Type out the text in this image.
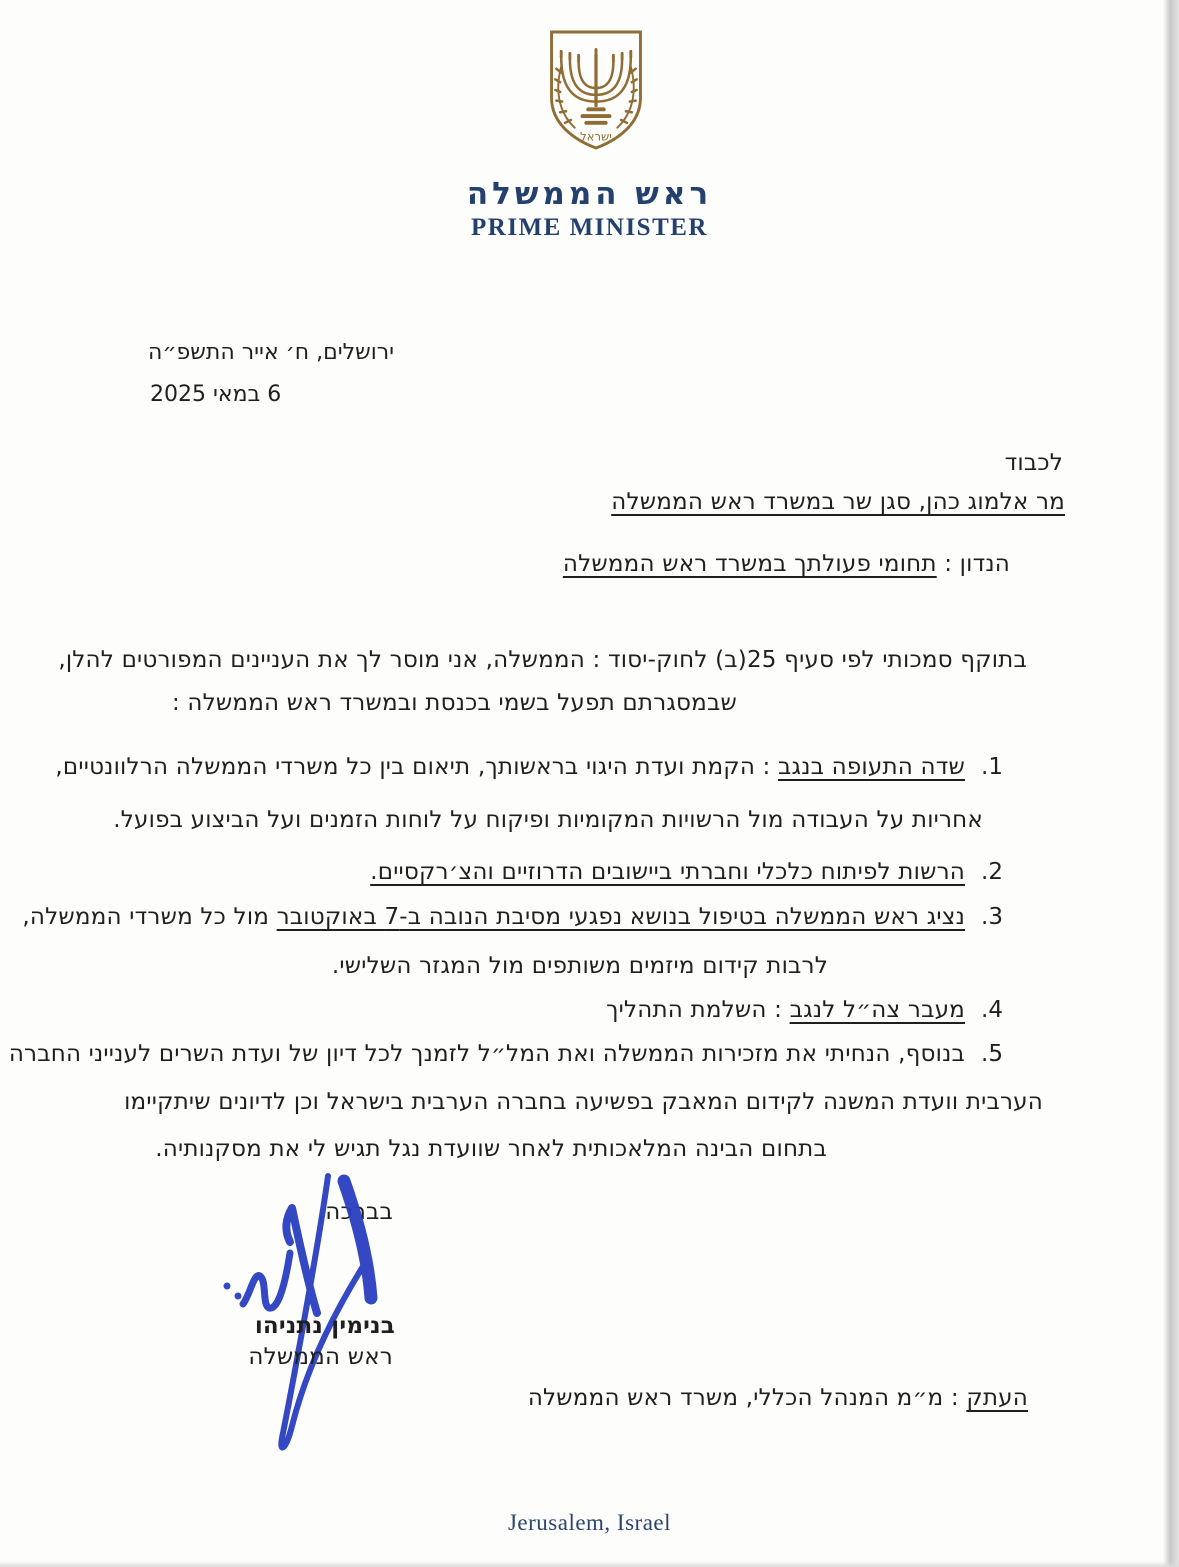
ישראל
ראש הממשלה
PRIME MINISTER
ירושלים, ח׳ אייר התשפ״ה
6 במאי 2025
לכבוד
מר אלמוג כהן, סגן שר במשרד ראש הממשלה
הנדון : תחומי פעולתך במשרד ראש הממשלה
בתוקף סמכותי לפי סעיף 25(ב) לחוק-יסוד : הממשלה, אני מוסר לך את העניינים המפורטים להלן,
שבמסגרתם תפעל בשמי בכנסת ובמשרד ראש הממשלה :
1.
שדה התעופה בנגב : הקמת ועדת היגוי בראשותך, תיאום בין כל משרדי הממשלה הרלוונטיים,
אחריות על העבודה מול הרשויות המקומיות ופיקוח על לוחות הזמנים ועל הביצוע בפועל.
2.
הרשות לפיתוח כלכלי וחברתי ביישובים הדרוזיים והצ׳רקסיים.
3.
נציג ראש הממשלה בטיפול בנושא נפגעי מסיבת הנובה ב-7 באוקטובר מול כל משרדי הממשלה,
לרבות קידום מיזמים משותפים מול המגזר השלישי.
4.
מעבר צה״ל לנגב : השלמת התהליך
5.
בנוסף, הנחיתי את מזכירות הממשלה ואת המל״ל לזמנך לכל דיון של ועדת השרים לענייני החברה
הערבית וועדת המשנה לקידום המאבק בפשיעה בחברה הערבית בישראל וכן לדיונים שיתקיימו
בתחום הבינה המלאכותית לאחר שוועדת נגל תגיש לי את מסקנותיה.
בברכה,
בנימין נתניהו
ראש הממשלה
העתק : מ״מ המנהל הכללי, משרד ראש הממשלה
Jerusalem, Israel
